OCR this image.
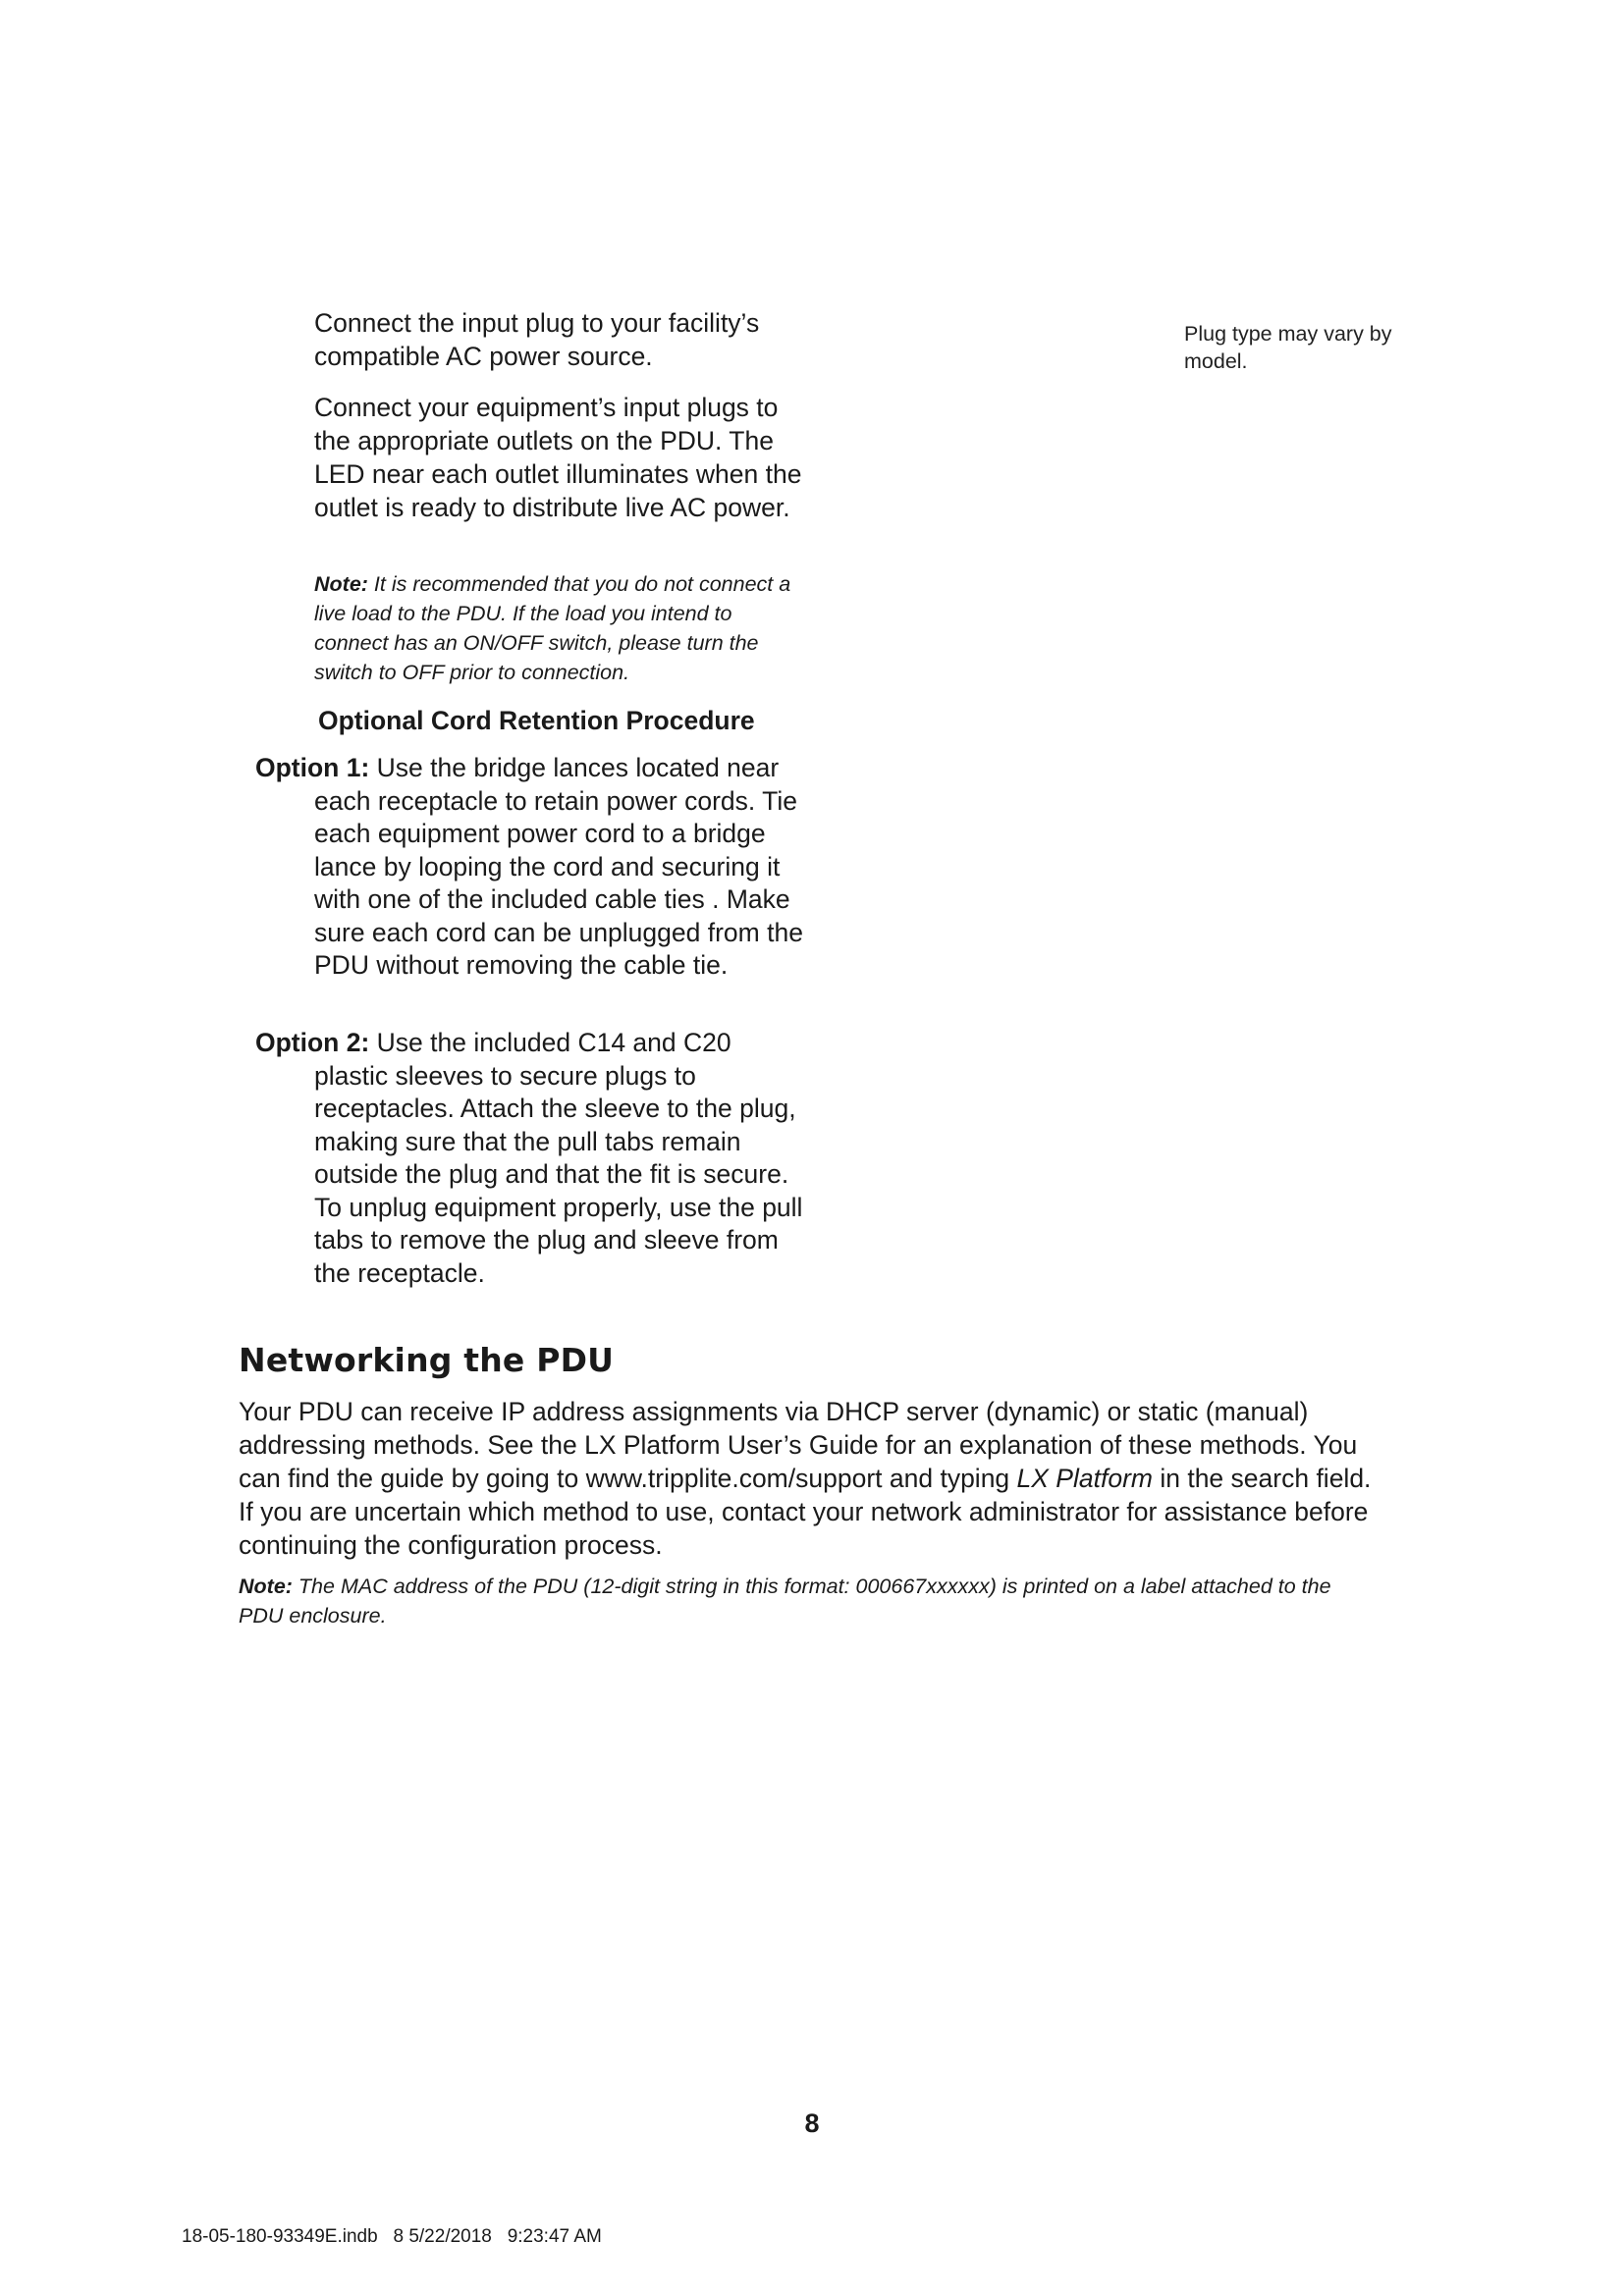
Connect the input plug to your facility’s compatible AC power source.

Plug type may vary by model.

Connect your equipment’s input plugs to the appropriate outlets on the PDU. The LED near each outlet illuminates when the outlet is ready to distribute live AC power.

Note: It is recommended that you do not connect a live load to the PDU. If the load you intend to connect has an ON/OFF switch, please turn the switch to OFF prior to connection.

Optional Cord Retention Procedure

Option 1: Use the bridge lances located near each receptacle to retain power cords. Tie each equipment power cord to a bridge lance by looping the cord and securing it with one of the included cable ties . Make sure each cord can be unplugged from the PDU without removing the cable tie.
Option 2: Use the included C14 and C20 plastic sleeves to secure plugs to receptacles. Attach the sleeve to the plug, making sure that the pull tabs remain outside the plug and that the fit is secure. To unplug equipment properly, use the pull tabs to remove the plug and sleeve from the receptacle.
Networking the PDU

Your PDU can receive IP address assignments via DHCP server (dynamic) or static (manual) addressing methods. See the LX Platform User’s Guide for an explanation of these methods. You can find the guide by going to www.tripplite.com/support and typing LX Platform in the search field. If you are uncertain which method to use, contact your network administrator for assistance before continuing the configuration process.

Note: The MAC address of the PDU (12-digit string in this format: 000667xxxxxx) is printed on a label attached to the PDU enclosure.

8
18-05-180-93349E.indb   8 5/22/2018   9:23:47 AM
